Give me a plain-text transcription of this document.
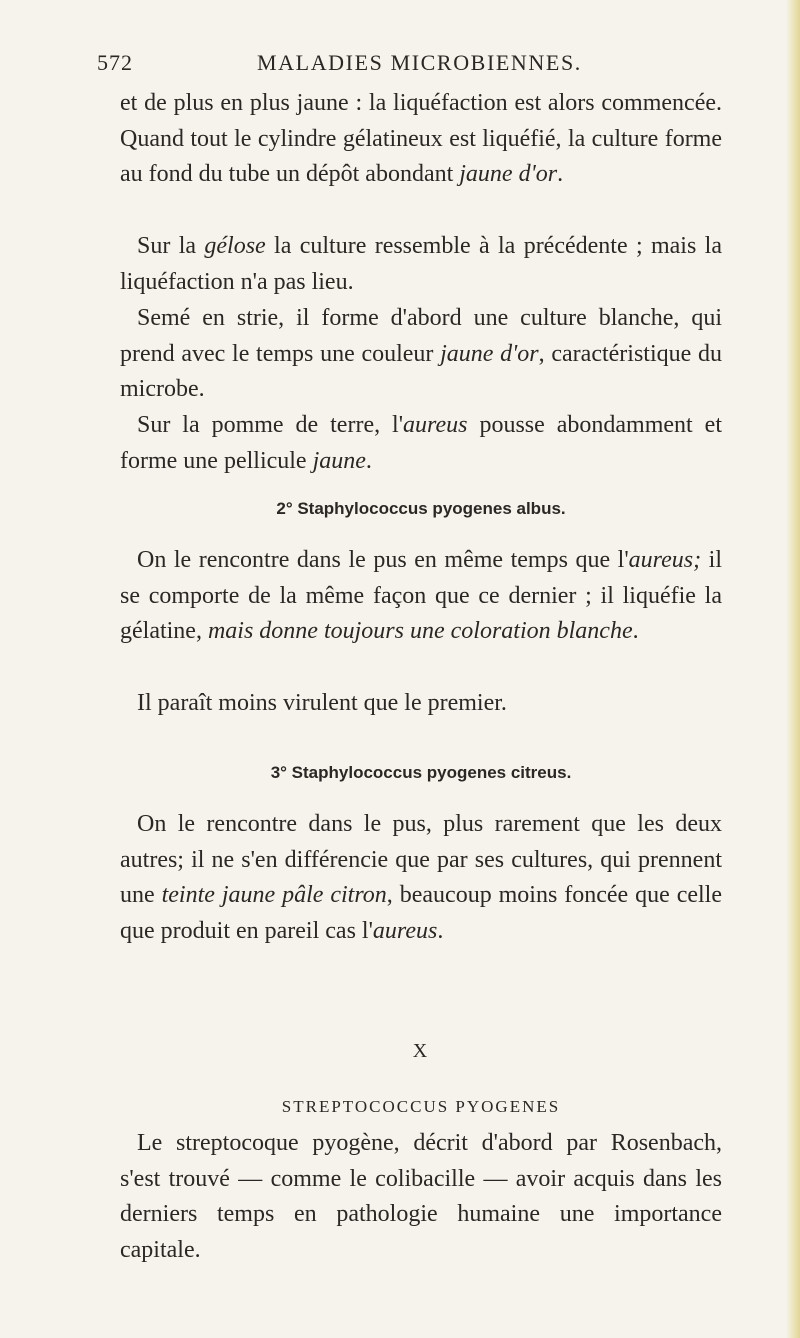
572	MALADIES MICROBIENNES.

et de plus en plus jaune : la liquéfaction est alors commencée. Quand tout le cylindre gélatineux est liquéfié, la culture forme au fond du tube un dépôt abondant jaune d'or.

Sur la gélose la culture ressemble à la précédente ; mais la liquéfaction n'a pas lieu.

Semé en strie, il forme d'abord une culture blanche, qui prend avec le temps une couleur jaune d'or, caractéristique du microbe.

Sur la pomme de terre, l'aureus pousse abondamment et forme une pellicule jaune.

2° Staphylococcus pyogenes albus.

On le rencontre dans le pus en même temps que l'aureus; il se comporte de la même façon que ce dernier ; il liquéfie la gélatine, mais donne toujours une coloration blanche.

Il paraît moins virulent que le premier.

3° Staphylococcus pyogenes citreus.

On le rencontre dans le pus, plus rarement que les deux autres; il ne s'en différencie que par ses cultures, qui prennent une teinte jaune pâle citron, beaucoup moins foncée que celle que produit en pareil cas l'aureus.

X

STREPTOCOCCUS PYOGENES

Le streptocoque pyogène, décrit d'abord par Rosenbach, s'est trouvé — comme le colibacille — avoir acquis dans les derniers temps en pathologie humaine une importance capitale.
